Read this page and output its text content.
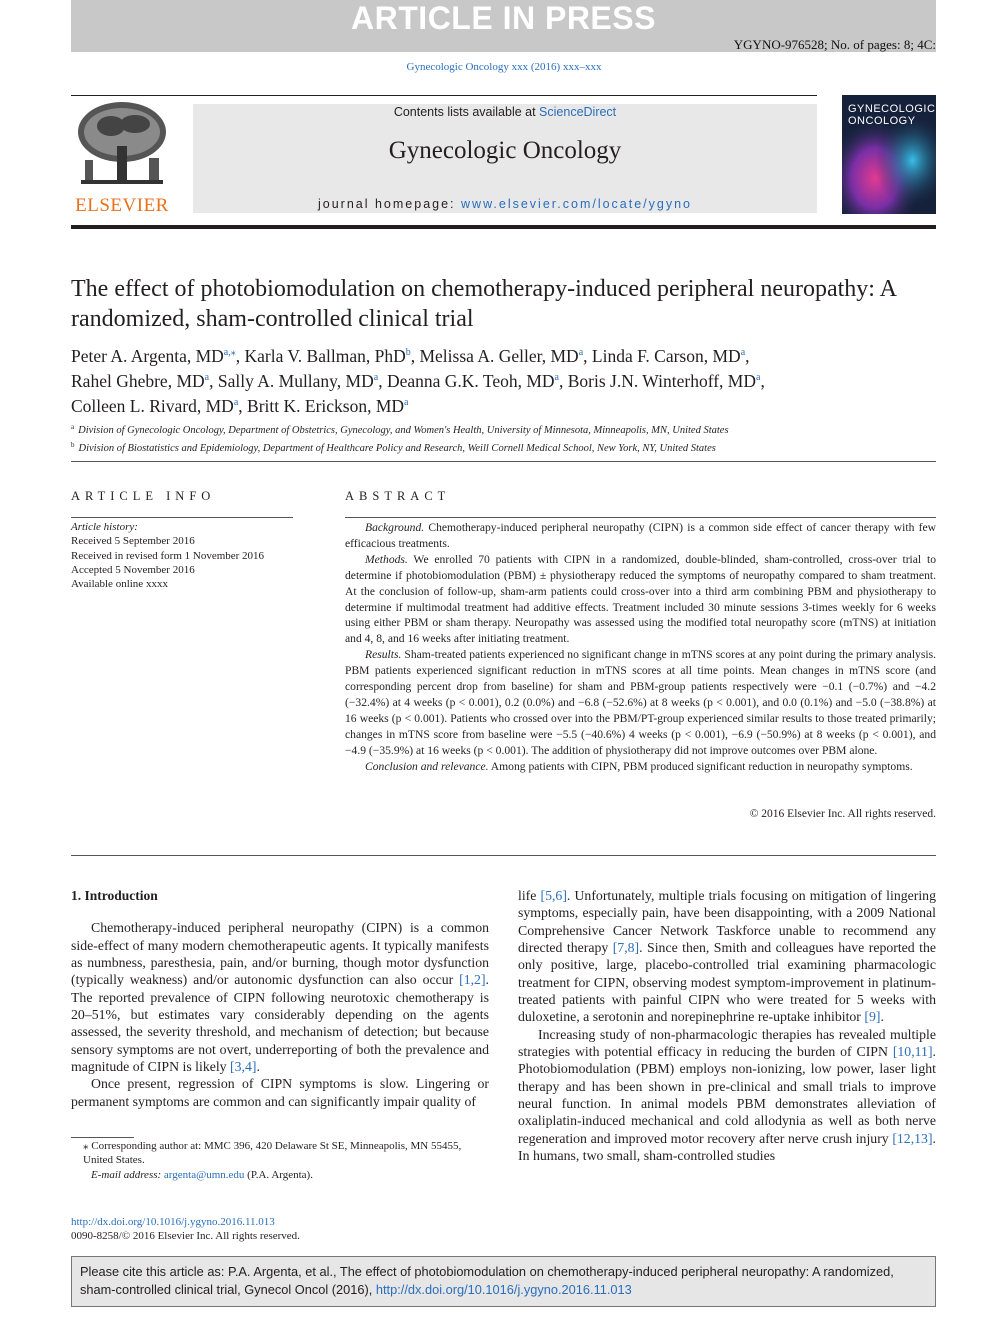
ARTICLE IN PRESS
YGYNO-976528; No. of pages: 8; 4C:
Gynecologic Oncology xxx (2016) xxx–xxx
ELSEVIER
Contents lists available at ScienceDirect
Gynecologic Oncology
journal homepage: www.elsevier.com/locate/ygyno
GYNECOLOGIC ONCOLOGY
The effect of photobiomodulation on chemotherapy-induced peripheral neuropathy: A randomized, sham-controlled clinical trial
Peter A. Argenta, $MD^{a,⁎}$, Karla V. Ballman, PhD$^b$, Melissa A. Geller, $MD^a$, Linda F. Carson, $MD^a$,
Rahel Ghebre, $MD^a$, Sally A. Mullany, $MD^a$, Deanna G.K. Teoh, $MD^a$, Boris J.N. Winterhoff, $MD^a$,
Colleen L. Rivard, $MD^a$, Britt K. Erickson, $MD^a$
$^a$ Division of Gynecologic Oncology, Department of Obstetrics, Gynecology, and Women's Health, University of Minnesota, Minneapolis, MN, United States
$^b$ Division of Biostatistics and Epidemiology, Department of Healthcare Policy and Research, Weill Cornell Medical School, New York, NY, United States
ARTICLE INFO
Article history:
Received 5 September 2016
Received in revised form 1 November 2016
Accepted 5 November 2016
Available online xxxx
ABSTRACT

Background. Chemotherapy-induced peripheral neuropathy (CIPN) is a common side effect of cancer therapy with few efficacious treatments.

Methods. We enrolled 70 patients with CIPN in a randomized, double-blinded, sham-controlled, cross-over trial to determine if photobiomodulation (PBM) ± physiotherapy reduced the symptoms of neuropathy compared to sham treatment. At the conclusion of follow-up, sham-arm patients could cross-over into a third arm combining PBM and physiotherapy to determine if multimodal treatment had additive effects. Treatment included 30 minute sessions 3-times weekly for 6 weeks using either PBM or sham therapy. Neuropathy was assessed using the modified total neuropathy score (mTNS) at initiation and 4, 8, and 16 weeks after initiating treatment.

Results. Sham-treated patients experienced no significant change in mTNS scores at any point during the primary analysis. PBM patients experienced significant reduction in mTNS scores at all time points. Mean changes in mTNS score (and corresponding percent drop from baseline) for sham and PBM-group patients respectively were −0.1 (−0.7%) and −4.2 (−32.4%) at 4 weeks (p < 0.001), 0.2 (0.0%) and −6.8 (−52.6%) at 8 weeks (p < 0.001), and 0.0 (0.1%) and −5.0 (−38.8%) at 16 weeks (p < 0.001). Patients who crossed over into the PBM/PT-group experienced similar results to those treated primarily; changes in mTNS score from baseline were −5.5 (−40.6%) 4 weeks (p < 0.001), −6.9 (−50.9%) at 8 weeks (p < 0.001), and −4.9 (−35.9%) at 16 weeks (p < 0.001). The addition of physiotherapy did not improve outcomes over PBM alone.

Conclusion and relevance. Among patients with CIPN, PBM produced significant reduction in neuropathy symptoms.

© 2016 Elsevier Inc. All rights reserved.

1. Introduction

Chemotherapy-induced peripheral neuropathy (CIPN) is a common side-effect of many modern chemotherapeutic agents. It typically manifests as numbness, paresthesia, pain, and/or burning, though motor dysfunction (typically weakness) and/or autonomic dysfunction can also occur [1,2]. The reported prevalence of CIPN following neurotoxic chemotherapy is 20–51%, but estimates vary considerably depending on the agents assessed, the severity threshold, and mechanism of detection; but because sensory symptoms are not overt, underreporting of both the prevalence and magnitude of CIPN is likely [3,4].

Once present, regression of CIPN symptoms is slow. Lingering or permanent symptoms are common and can significantly impair quality of

life [5,6]. Unfortunately, multiple trials focusing on mitigation of lingering symptoms, especially pain, have been disappointing, with a 2009 National Comprehensive Cancer Network Taskforce unable to recommend any directed therapy [7,8]. Since then, Smith and colleagues have reported the only positive, large, placebo-controlled trial examining pharmacologic treatment for CIPN, observing modest symptom-improvement in platinum-treated patients with painful CIPN who were treated for 5 weeks with duloxetine, a serotonin and norepinephrine re-uptake inhibitor [9].

Increasing study of non-pharmacologic therapies has revealed multiple strategies with potential efficacy in reducing the burden of CIPN [10,11]. Photobiomodulation (PBM) employs non-ionizing, low power, laser light therapy and has been shown in pre-clinical and small trials to improve neural function. In animal models PBM demonstrates alleviation of oxaliplatin-induced mechanical and cold allodynia as well as both nerve regeneration and improved motor recovery after nerve crush injury [12,13]. In humans, two small, sham-controlled studies

⁎ Corresponding author at: MMC 396, 420 Delaware St SE, Minneapolis, MN 55455, United States.
E-mail address: argenta@umn.edu (P.A. Argenta).
http://dx.doi.org/10.1016/j.ygyno.2016.11.013
0090-8258/© 2016 Elsevier Inc. All rights reserved.
Please cite this article as: P.A. Argenta, et al., The effect of photobiomodulation on chemotherapy-induced peripheral neuropathy: A randomized, sham-controlled clinical trial, Gynecol Oncol (2016), http://dx.doi.org/10.1016/j.ygyno.2016.11.013
